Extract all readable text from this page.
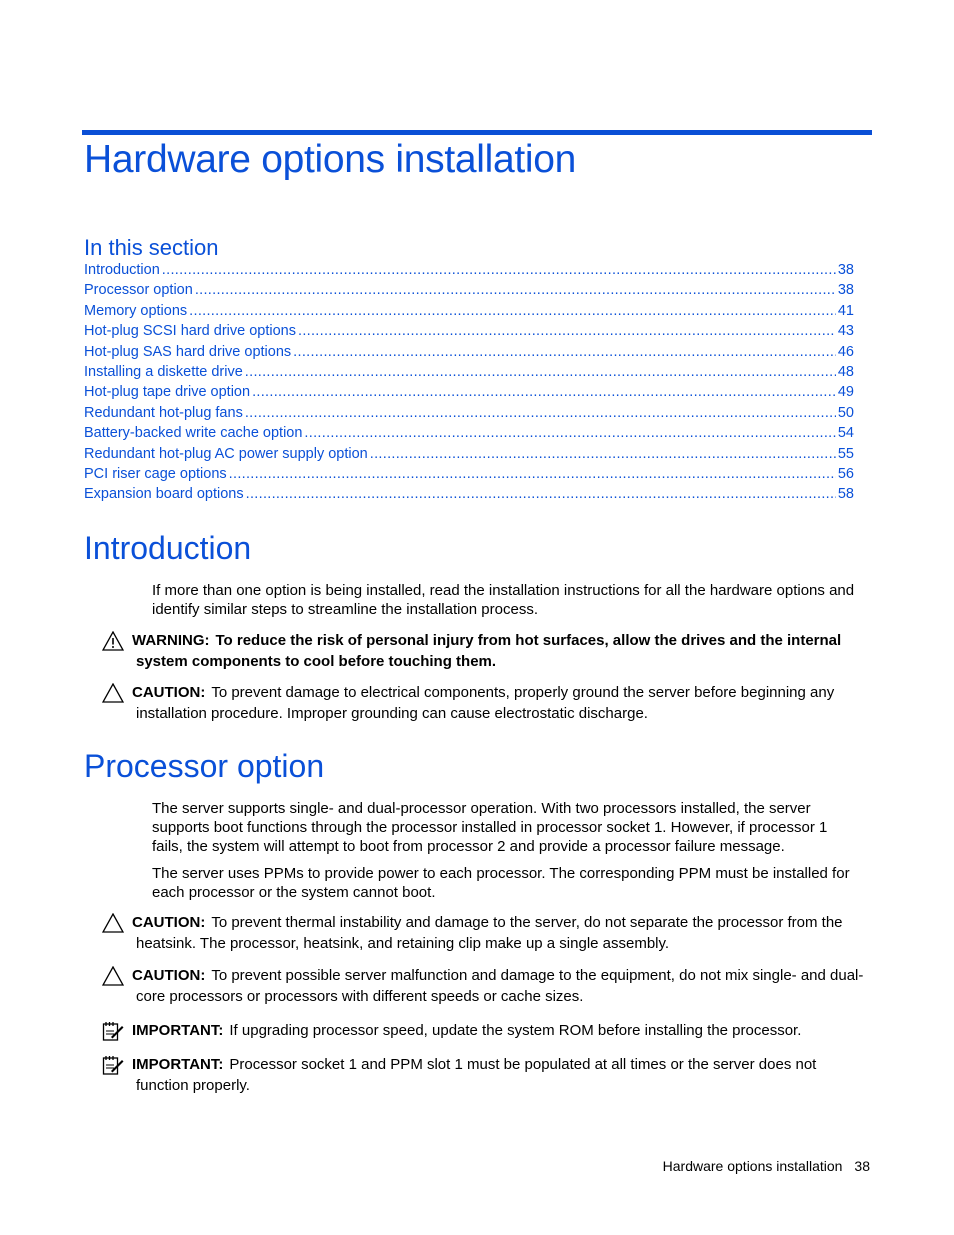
Hardware options installation
In this section
Introduction .....	38
Processor option .....	38
Memory options .....	41
Hot-plug SCSI hard drive options .....	43
Hot-plug SAS hard drive options .....	46
Installing a diskette drive .....	48
Hot-plug tape drive option .....	49
Redundant hot-plug fans .....	50
Battery-backed write cache option .....	54
Redundant hot-plug AC power supply option .....	55
PCI riser cage options .....	56
Expansion board options .....	58
Introduction

If more than one option is being installed, read the installation instructions for all the hardware options and identify similar steps to streamline the installation process.

WARNING: To reduce the risk of personal injury from hot surfaces, allow the drives and the internal system components to cool before touching them.
CAUTION: To prevent damage to electrical components, properly ground the server before beginning any installation procedure. Improper grounding can cause electrostatic discharge.
Processor option

The server supports single- and dual-processor operation. With two processors installed, the server supports boot functions through the processor installed in processor socket 1. However, if processor 1 fails, the system will attempt to boot from processor 2 and provide a processor failure message.

The server uses PPMs to provide power to each processor. The corresponding PPM must be installed for each processor or the system cannot boot.

CAUTION: To prevent thermal instability and damage to the server, do not separate the processor from the heatsink. The processor, heatsink, and retaining clip make up a single assembly.
CAUTION: To prevent possible server malfunction and damage to the equipment, do not mix single- and dual-core processors or processors with different speeds or cache sizes.
IMPORTANT: If upgrading processor speed, update the system ROM before installing the processor.
IMPORTANT: Processor socket 1 and PPM slot 1 must be populated at all times or the server does not function properly.
Hardware options installation 38
